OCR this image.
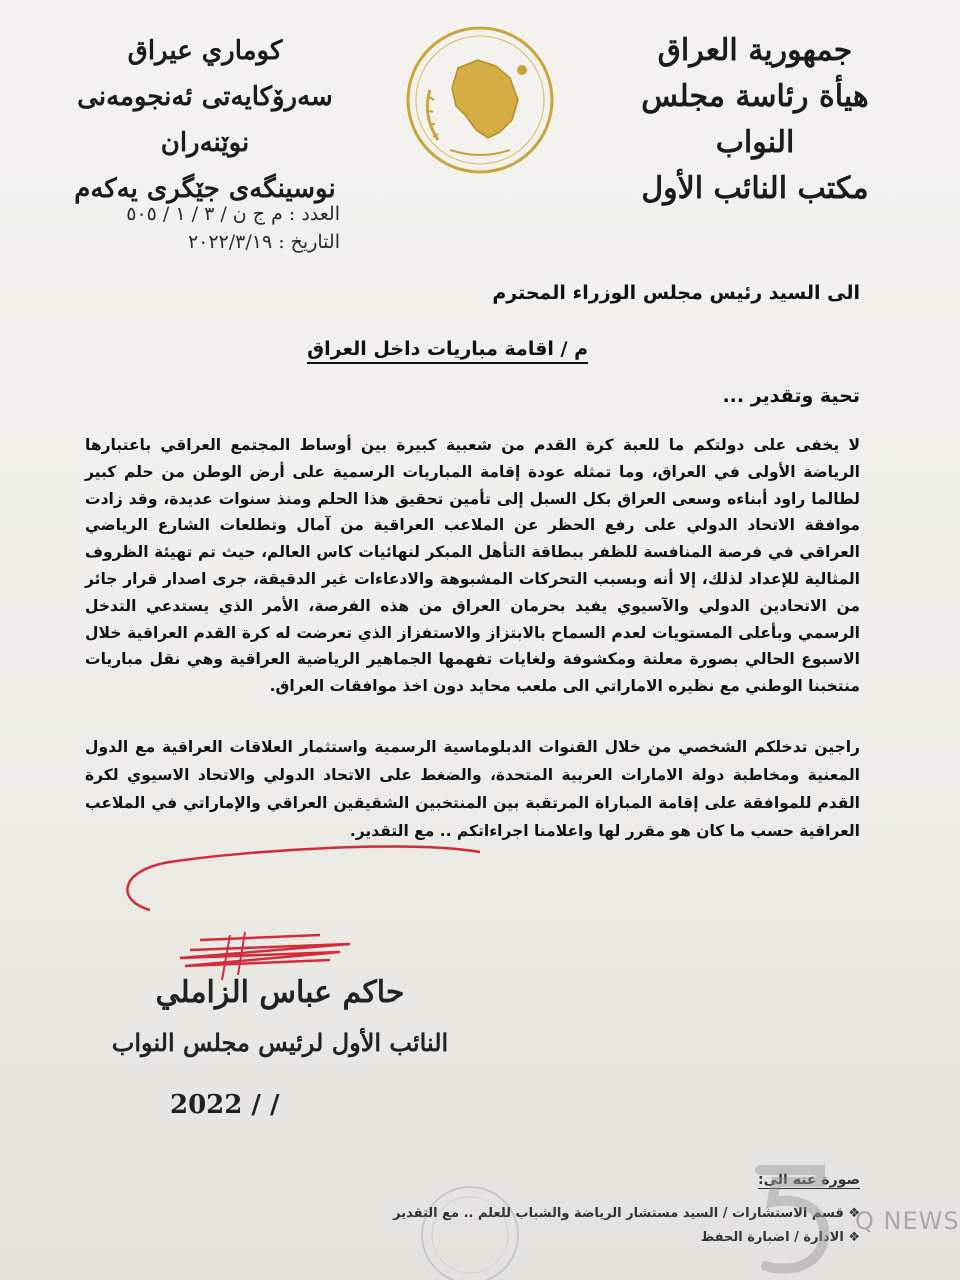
جمهورية العراق
هيأة رئاسة مجلس النواب
مكتب النائب الأول
كوماري عيراق
سەرۆكايەتی ئەنجومەنی نوێنەران
نوسینگەی جێگری یەکەم
العدد : م ج ن / ٣ / ١ / ٥٠٥
التاريخ : ٢٠٢٢/٣/١٩
الى السيد رئيس مجلس الوزراء المحترم
م / اقامة مباريات داخل العراق
تحية وتقدير ...
لا يخفى على دولتكم ما للعبة كرة القدم من شعبية كبيرة بين أوساط المجتمع العراقي باعتبارها الرياضة الأولى في العراق، وما تمثله عودة إقامة المباريات الرسمية على أرض الوطن من حلم كبير لطالما راود أبناءه وسعى العراق بكل السبل إلى تأمين تحقيق هذا الحلم ومنذ سنوات عديدة، وقد زادت موافقة الاتحاد الدولي على رفع الحظر عن الملاعب العراقية من آمال وتطلعات الشارع الرياضي العراقي في فرصة المنافسة للظفر ببطاقة التأهل المبكر لنهائيات كاس العالم، حيث تم تهيئة الظروف المثالية للإعداد لذلك، إلا أنه وبسبب التحركات المشبوهة والادعاءات غير الدقيقة، جرى اصدار قرار جائر من الاتحادين الدولي والآسيوي يفيد بحرمان العراق من هذه الفرصة، الأمر الذي يستدعي التدخل الرسمي وبأعلى المستويات لعدم السماح بالابتزاز والاستفزاز الذي تعرضت له كرة القدم العراقية خلال الاسبوع الحالي بصورة معلنة ومكشوفة ولغايات تفهمها الجماهير الرياضية العراقية وهي نقل مباريات منتخبنا الوطني مع نظيره الاماراتي الى ملعب محايد دون اخذ موافقات العراق.
راجين تدخلكم الشخصي من خلال القنوات الدبلوماسية الرسمية واستثمار العلاقات العراقية مع الدول المعنية ومخاطبة دولة الامارات العربية المتحدة، والضغط على الاتحاد الدولي والاتحاد الاسيوي لكرة القدم للموافقة على إقامة المباراة المرتقبة بين المنتخبين الشقيقين العراقي والإماراتي في الملاعب العراقية حسب ما كان هو مقرر لها واعلامنا اجراءاتكم .. مع التقدير.
حاكم عباس الزاملي
النائب الأول لرئيس مجلس النواب
2022 / /
صورة عنه الى:
❖ قسم الاستشارات / السيد مستشار الرياضة والشباب للعلم .. مع التقدير
❖ الادارة / اضبارة الحفظ
Q NEWS
